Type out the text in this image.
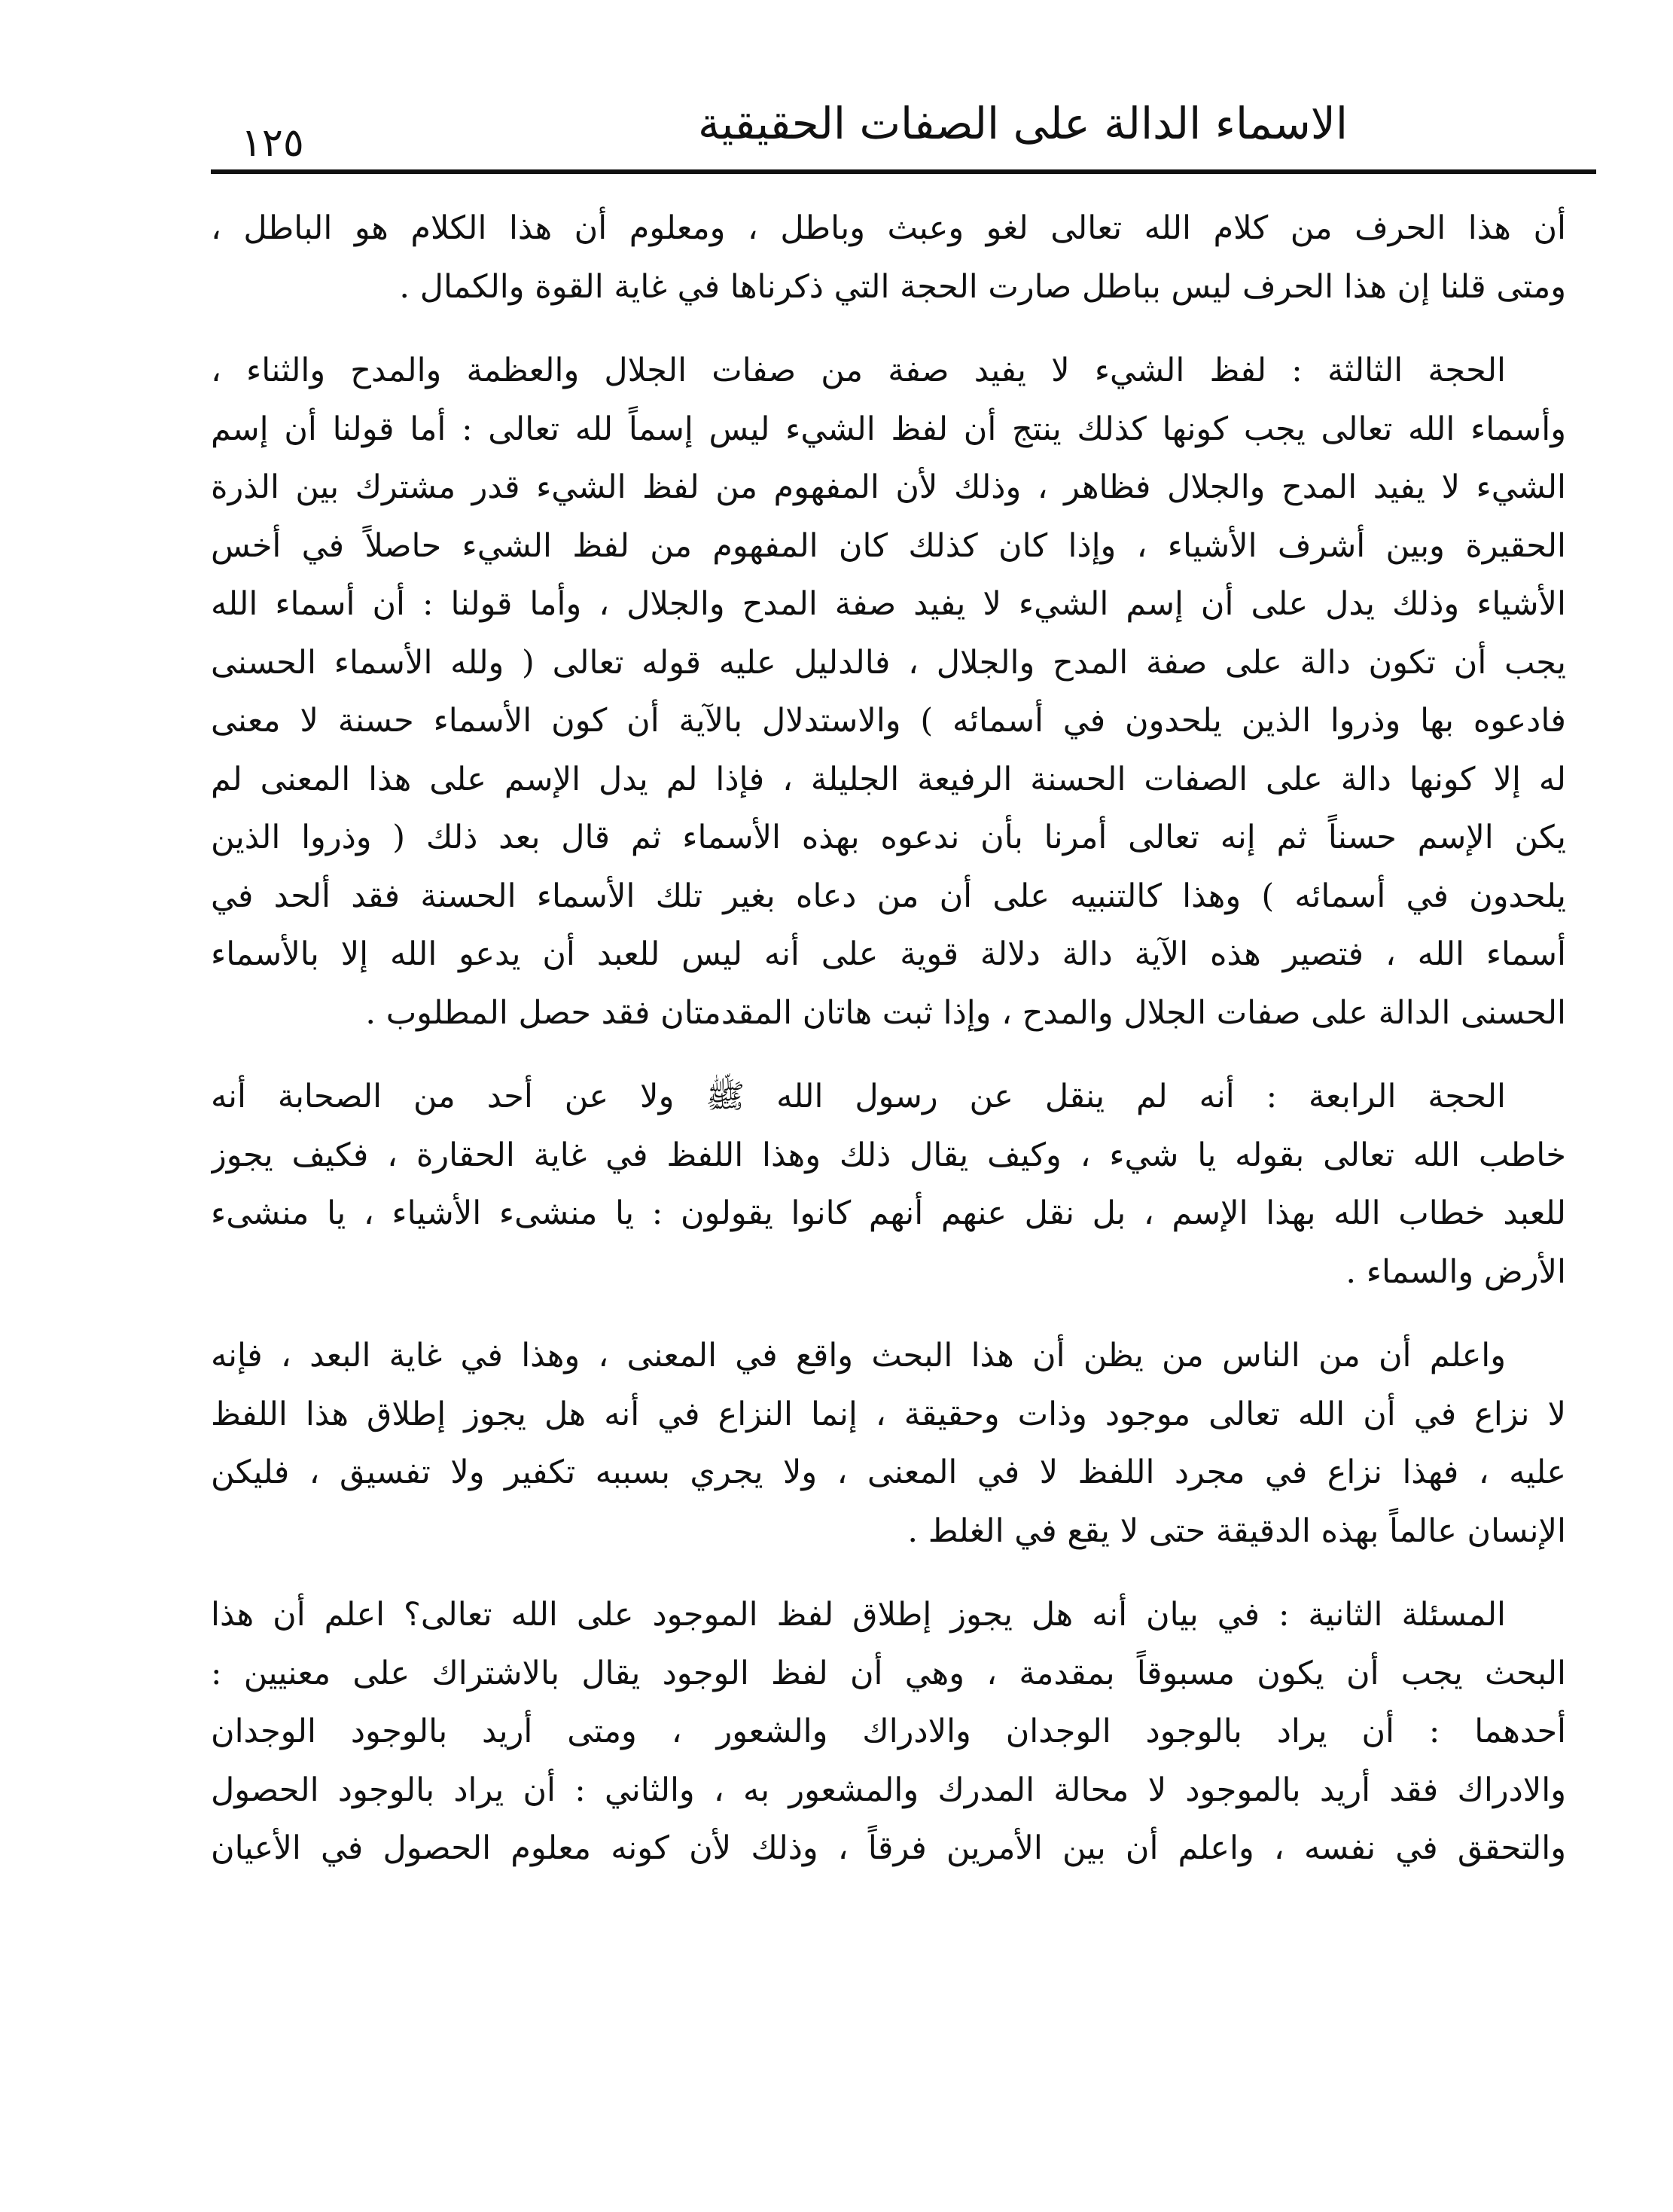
الاسماء الدالة على الصفات الحقيقية
١٢٥
أن هذا الحرف من كلام الله تعالى لغو وعبث وباطل ، ومعلوم أن هذا الكلام هو الباطل ،
ومتى قلنا إن هذا الحرف ليس بباطل صارت الحجة التي ذكرناها في غاية القوة والكمال .
الحجة الثالثة : لفظ الشيء لا يفيد صفة من صفات الجلال والعظمة والمدح والثناء ،
وأسماء الله تعالى يجب كونها كذلك ينتج أن لفظ الشيء ليس إسماً لله تعالى : أما قولنا أن إسم
الشيء لا يفيد المدح والجلال فظاهر ، وذلك لأن المفهوم من لفظ الشيء قدر مشترك بين الذرة
الحقيرة وبين أشرف الأشياء ، وإذا كان كذلك كان المفهوم من لفظ الشيء حاصلاً في أخس
الأشياء وذلك يدل على أن إسم الشيء لا يفيد صفة المدح والجلال ، وأما قولنا : أن أسماء الله
يجب أن تكون دالة على صفة المدح والجلال ، فالدليل عليه قوله تعالى ( ولله الأسماء الحسنى
فادعوه بها وذروا الذين يلحدون في أسمائه ) والاستدلال بالآية أن كون الأسماء حسنة لا معنى
له إلا كونها دالة على الصفات الحسنة الرفيعة الجليلة ، فإذا لم يدل الإسم على هذا المعنى لم
يكن الإسم حسناً ثم إنه تعالى أمرنا بأن ندعوه بهذه الأسماء ثم قال بعد ذلك ( وذروا الذين
يلحدون في أسمائه ) وهذا كالتنبيه على أن من دعاه بغير تلك الأسماء الحسنة فقد ألحد في
أسماء الله ، فتصير هذه الآية دالة دلالة قوية على أنه ليس للعبد أن يدعو الله إلا بالأسماء
الحسنى الدالة على صفات الجلال والمدح ، وإذا ثبت هاتان المقدمتان فقد حصل المطلوب .
الحجة الرابعة : أنه لم ينقل عن رسول الله ﷺ ولا عن أحد من الصحابة أنه
خاطب الله تعالى بقوله يا شيء ، وكيف يقال ذلك وهذا اللفظ في غاية الحقارة ، فكيف يجوز
للعبد خطاب الله بهذا الإسم ، بل نقل عنهم أنهم كانوا يقولون : يا منشىء الأشياء ، يا منشىء
الأرض والسماء .
واعلم أن من الناس من يظن أن هذا البحث واقع في المعنى ، وهذا في غاية البعد ، فإنه
لا نزاع في أن الله تعالى موجود وذات وحقيقة ، إنما النزاع في أنه هل يجوز إطلاق هذا اللفظ
عليه ، فهذا نزاع في مجرد اللفظ لا في المعنى ، ولا يجري بسببه تكفير ولا تفسيق ، فليكن
الإنسان عالماً بهذه الدقيقة حتى لا يقع في الغلط .
المسئلة الثانية : في بيان أنه هل يجوز إطلاق لفظ الموجود على الله تعالى؟ اعلم أن هذا
البحث يجب أن يكون مسبوقاً بمقدمة ، وهي أن لفظ الوجود يقال بالاشتراك على معنيين :
أحدهما : أن يراد بالوجود الوجدان والادراك والشعور ، ومتى أريد بالوجود الوجدان
والادراك فقد أريد بالموجود لا محالة المدرك والمشعور به ، والثاني : أن يراد بالوجود الحصول
والتحقق في نفسه ، واعلم أن بين الأمرين فرقاً ، وذلك لأن كونه معلوم الحصول في الأعيان
